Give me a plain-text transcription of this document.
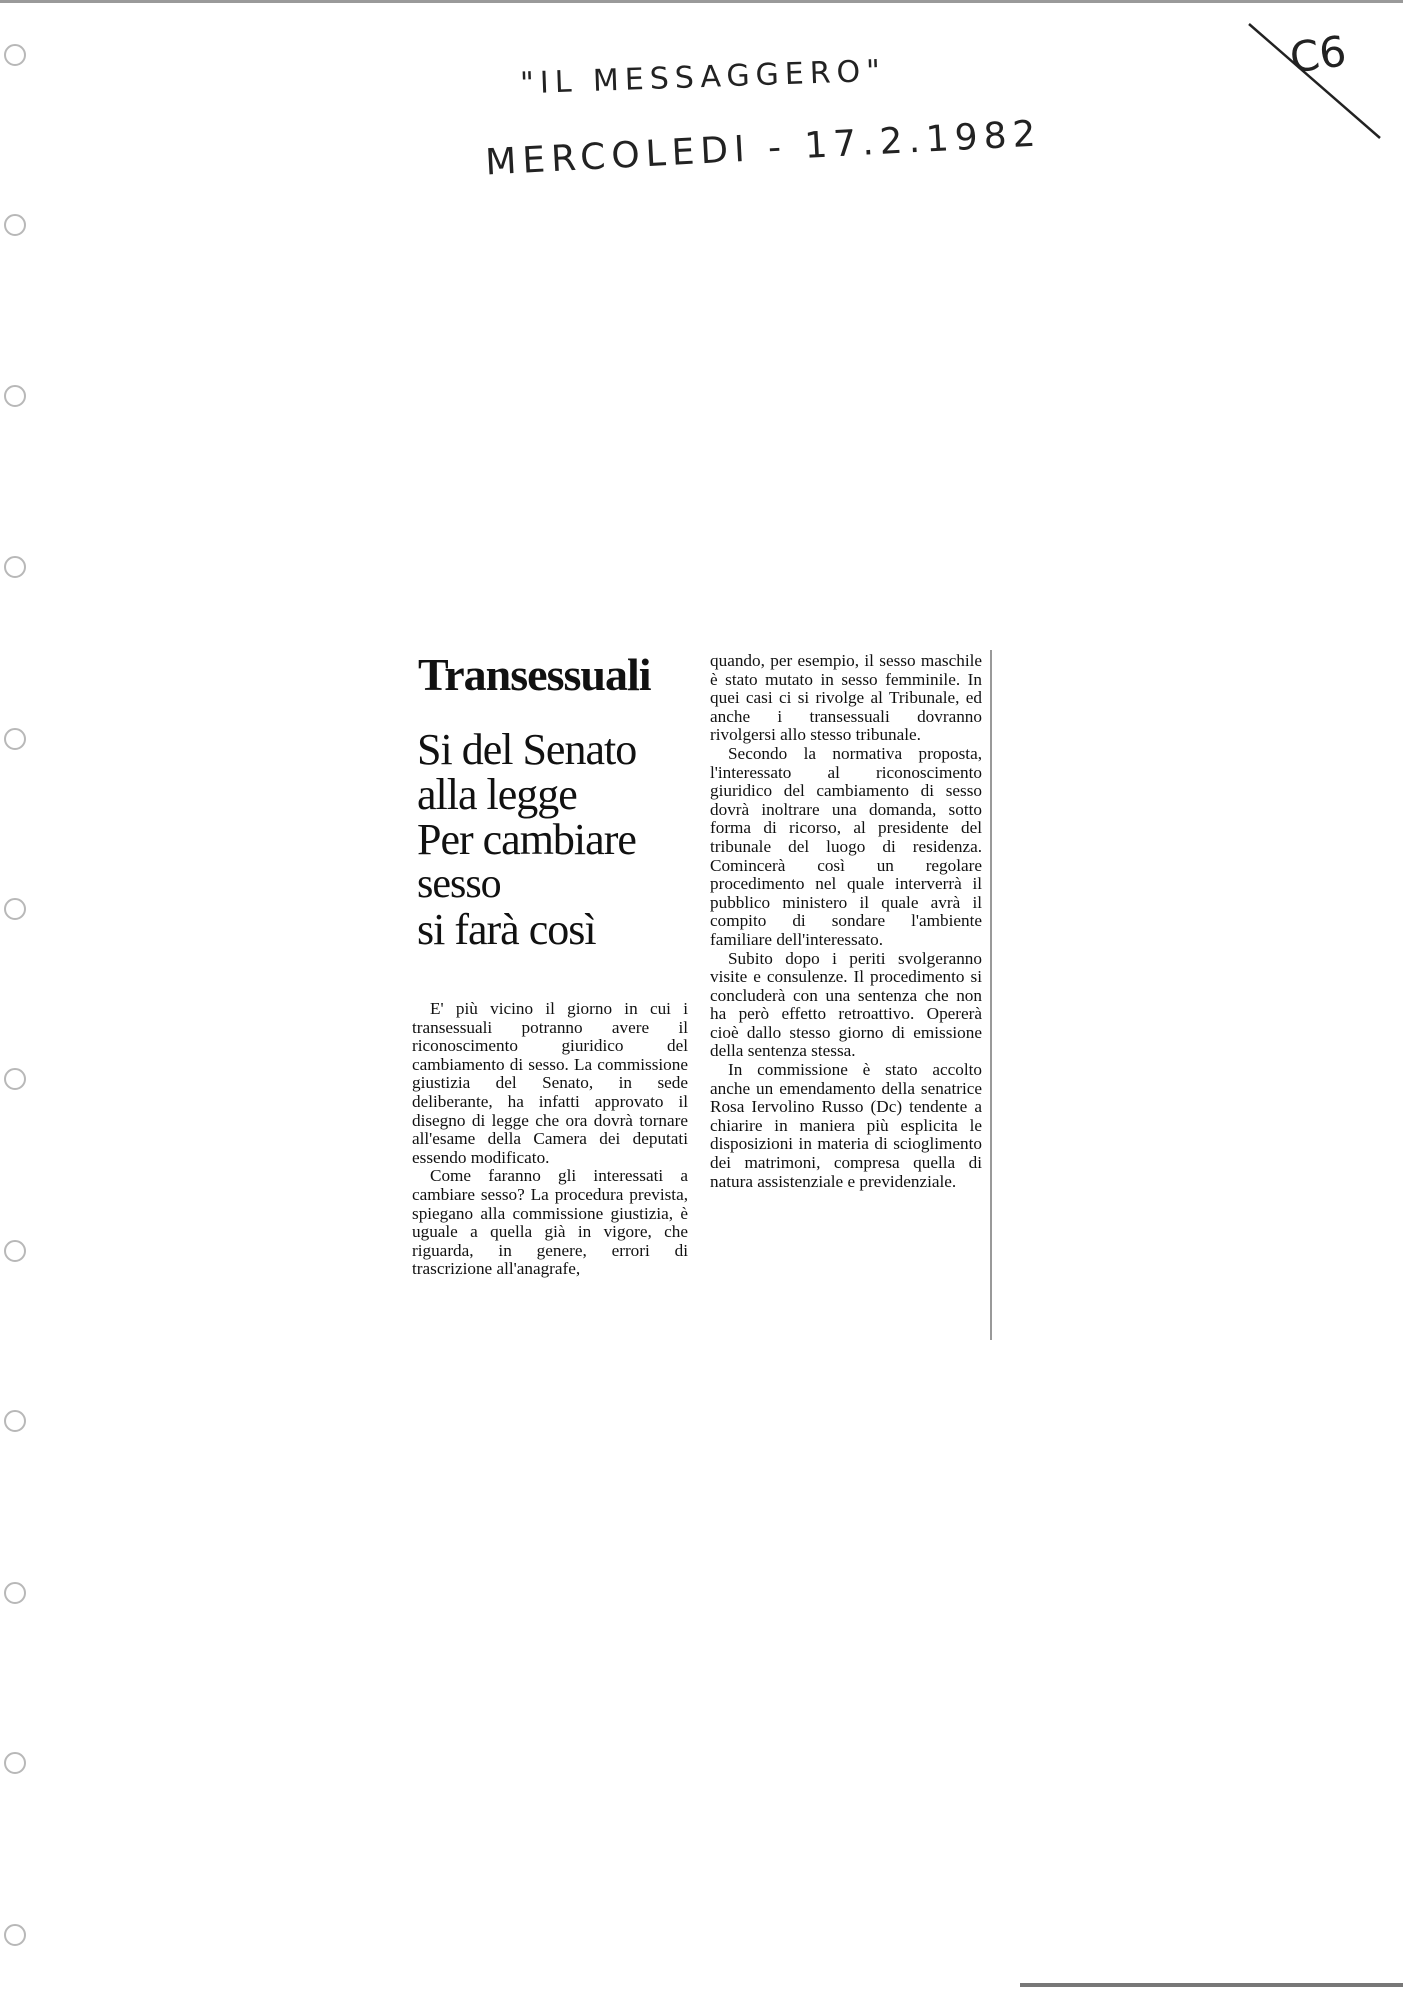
"IL MESSAGGERO"
MERCOLEDI - 17.2.1982
C6
Transessuali
Si del Senato
alla legge
Per cambiare
sesso
si farà così

E' più vicino il giorno in cui i transessuali potranno avere il riconoscimento giuridico del cambiamento di sesso. La commissione giustizia del Senato, in sede deliberante, ha infatti approvato il disegno di legge che ora dovrà tornare all'esame della Camera dei deputati essendo modificato.

Come faranno gli interessati a cambiare sesso? La procedura prevista, spiegano alla commissione giustizia, è uguale a quella già in vigore, che riguarda, in genere, errori di trascrizione all'anagrafe,

quando, per esempio, il sesso maschile è stato mutato in sesso femminile. In quei casi ci si rivolge al Tribunale, ed anche i transessuali dovranno rivolgersi allo stesso tribunale.

Secondo la normativa proposta, l'interessato al riconoscimento giuridico del cambiamento di sesso dovrà inoltrare una domanda, sotto forma di ricorso, al presidente del tribunale del luogo di residenza. Comincerà così un regolare procedimento nel quale interverrà il pubblico ministero il quale avrà il compito di sondare l'ambiente familiare dell'interessato.

Subito dopo i periti svolgeranno visite e consulenze. Il procedimento si concluderà con una sentenza che non ha però effetto retroattivo. Opererà cioè dallo stesso giorno di emissione della sentenza stessa.

In commissione è stato accolto anche un emendamento della senatrice Rosa Iervolino Russo (Dc) tendente a chiarire in maniera più esplicita le disposizioni in materia di scioglimento dei matrimoni, compresa quella di natura assistenziale e previdenziale.
